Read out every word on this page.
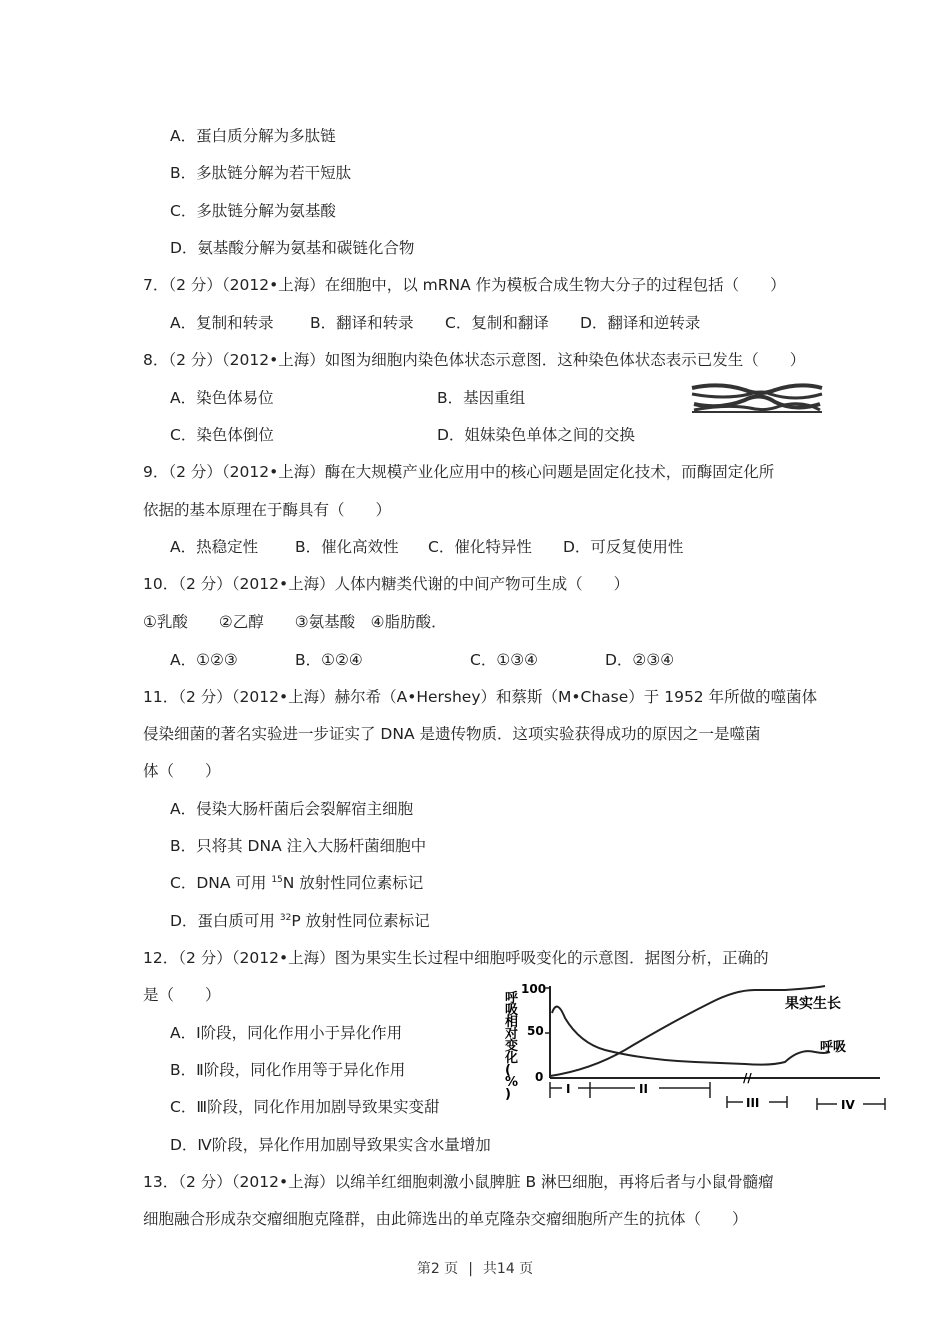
A．蛋白质分解为多肽链
B．多肽链分解为若干短肽
C．多肽链分解为氨基酸
D．氨基酸分解为氨基和碳链化合物
7．（2 分）（2012•上海）在细胞中，以 mRNA 作为模板合成生物大分子的过程包括（　　）
A．复制和转录 B．翻译和转录 C．复制和翻译 D．翻译和逆转录
8．（2 分）（2012•上海）如图为细胞内染色体状态示意图．这种染色体状态表示已发生（　　）
A．染色体易位	B．基因重组
C．染色体倒位	D．姐妹染色单体之间的交换
9．（2 分）（2012•上海）酶在大规模产业化应用中的核心问题是固定化技术，而酶固定化所
依据的基本原理在于酶具有（　　）
A．热稳定性 B．催化高效性 C．催化特异性 D．可反复使用性
10．（2 分）（2012•上海）人体内糖类代谢的中间产物可生成（　　）
①乳酸　　②乙醇　　③氨基酸　④脂肪酸．
A．①②③	B．①②④	C．①③④	D．②③④
11．（2 分）（2012•上海）赫尔希（A•Hershey）和蔡斯（M•Chase）于 1952 年所做的噬菌体
侵染细菌的著名实验进一步证实了 DNA 是遗传物质．这项实验获得成功的原因之一是噬菌
体（　　）
A．侵染大肠杆菌后会裂解宿主细胞
B．只将其 DNA 注入大肠杆菌细胞中
C．DNA 可用 $^{15}$N 放射性同位素标记
D．蛋白质可用 $^{32}$P 放射性同位素标记
12．（2 分）（2012•上海）图为果实生长过程中细胞呼吸变化的示意图．据图分析，正确的
是（　　）
A．Ⅰ阶段，同化作用小于异化作用
B．Ⅱ阶段，同化作用等于异化作用
C．Ⅲ阶段，同化作用加剧导致果实变甜
D．Ⅳ阶段，异化作用加剧导致果实含水量增加
呼吸相对变化( % )
100
50
0	//
果实生长
呼吸
I	II
III	IV
13．（2 分）（2012•上海）以绵羊红细胞刺激小鼠脾脏 B 淋巴细胞，再将后者与小鼠骨髓瘤
细胞融合形成杂交瘤细胞克隆群，由此筛选出的单克隆杂交瘤细胞所产生的抗体（　　）
第2 页 | 共14 页
